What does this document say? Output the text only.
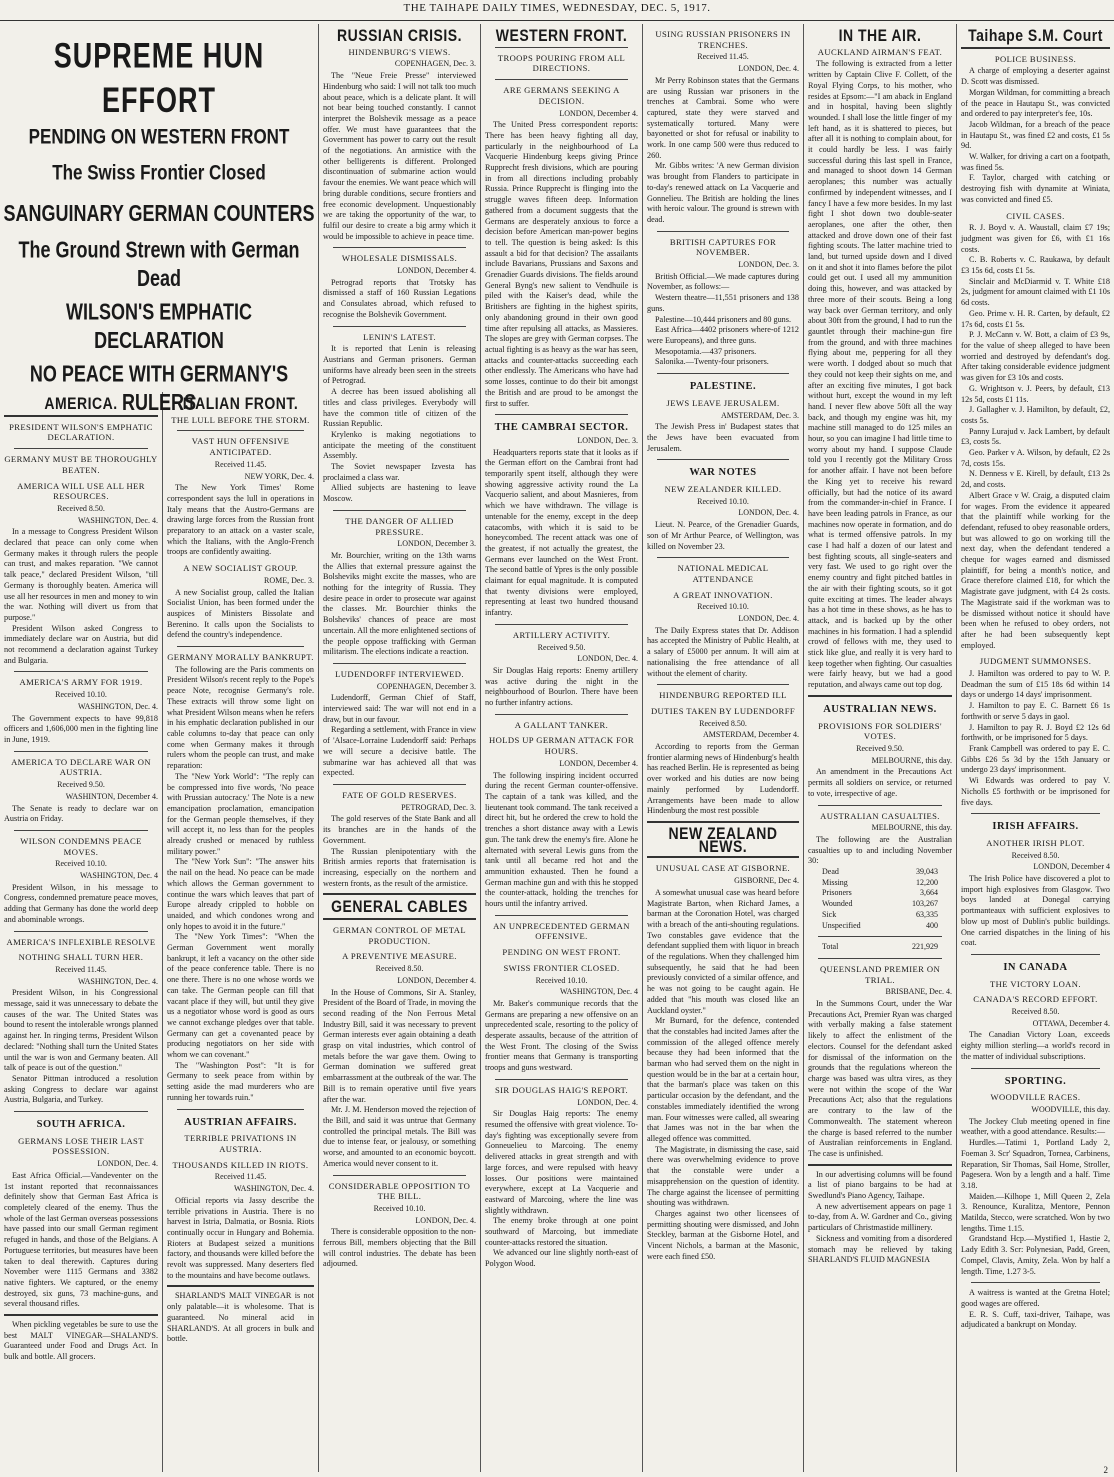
THE TAIHAPE DAILY TIMES, WEDNESDAY, DEC. 5, 1917.
SUPREME HUN EFFORT
PENDING ON WESTERN FRONT
The Swiss Frontier Closed
SANGUINARY GERMAN COUNTERS
The Ground Strewn with German Dead
WILSON'S EMPHATIC DECLARATION
NO PEACE WITH GERMANY'S RULERS
AMERICA.
PRESIDENT WILSON'S EMPHATIC DECLARATION.
GERMANY MUST BE THOROUGHLY BEATEN.
AMERICA WILL USE ALL HER RESOURCES.
Received 8.50.
WASHINGTON, Dec. 4.

In a message to Congress President Wilson declared that peace can only come when Germany makes it through rulers the people can trust, and makes reparation. "We cannot talk peace," declared President Wilson, "till Germany is thoroughly beaten. America will use all her resources in men and money to win the war. Nothing will divert us from that purpose."

President Wilson asked Congress to immediately declare war on Austria, but did not recommend a declaration against Turkey and Bulgaria.

AMERICA'S ARMY FOR 1919.
Received 10.10.
WASHINGTON, Dec. 4.

The Government expects to have 99,818 officers and 1,606,000 men in the fighting line in June, 1919.

AMERICA TO DECLARE WAR ON AUSTRIA.
Received 9.50.
WASHINTON, December 4.

The Senate is ready to declare war on Austria on Friday.

WILSON CONDEMNS PEACE MOVES.
Received 10.10.
WASHINGTON, Dec. 4

President Wilson, in his message to Congress, condemned premature peace moves, adding that Germany has done the world deep and abominable wrongs.

AMERICA'S INFLEXIBLE RESOLVE
NOTHING SHALL TURN HER.
Received 11.45.
WASHINGTON, Dec. 4.

President Wilson, in his Congressional message, said it was unnecessary to debate the causes of the war. The United States was bound to resent the intolerable wrongs planned against her. In ringing terms, President Wilson declared: "Nothing shall turn the United States until the war is won and Germany beaten. All talk of peace is out of the question."

Senator Pittman introduced a resolution asking Congress to declare war against Austria, Bulgaria, and Turkey.

SOUTH AFRICA.
GERMANS LOSE THEIR LAST POSSESSION.
LONDON, Dec. 4.

East Africa Official.—Vandeventer on the 1st instant reported that reconnaissances definitely show that German East Africa is completely cleared of the enemy. Thus the whole of the last German overseas possessions have passed into our small German regiment refuged in hands, and those of the Belgians. A Portuguese territories, but measures have been taken to deal therewith. Captures during November were 1115 Germans and 3382 native fighters. We captured, or the enemy destroyed, six guns, 73 machine-guns, and several thousand rifles.

When pickling vegetables be sure to use the best MALT VINEGAR—SHALAND'S. Guaranteed under Food and Drugs Act. In bulk and bottle. All grocers.

ITALIAN FRONT.
THE LULL BEFORE THE STORM.
VAST HUN OFFENSIVE ANTICIPATED.
Received 11.45.
NEW YORK, Dec. 4.

The New York Times' Rome correspondent says the lull in operations in Italy means that the Austro-Germans are drawing large forces from the Russian front preparatory to an attack on a vaster scale, which the Italians, with the Anglo-French troops are confidently awaiting.

A NEW SOCIALIST GROUP.
ROME, Dec. 3.

A new Socialist group, called the Italian Socialist Union, has been formed under the auspices of Ministers Bissolate and Berenino. It calls upon the Socialists to defend the country's independence.

GERMANY MORALLY BANKRUPT.

The following are the Paris comments on President Wilson's recent reply to the Pope's peace Note, recognise Germany's role. These extracts will throw some light on what President Wilson means when he refers in his emphatic declaration published in our cable columns to-day that peace can only come when Germany makes it through rulers whom the people can trust, and make reparation:

The "New York World": "The reply can be compressed into five words, 'No peace with Prussian autocracy.' The Note is a new emancipation proclamation, emancipation for the German people themselves, if they will accept it, no less than for the peoples already crushed or menaced by ruthless military power."

The "New York Sun": "The answer hits the nail on the head. No peace can be made which allows the German government to continue the wars which leaves that part of Europe already crippled to hobble on unaided, and which condones wrong and only hopes to avoid it in the future."

The "New York Times": "When the German Government went morally bankrupt, it left a vacancy on the other side of the peace conference table. There is no one there. There is no one whose words we can take. The German people can fill that vacant place if they will, but until they give us a negotiator whose word is good as ours we cannot exchange pledges over that table. Germany can get a covenanted peace by producing negotiators on her side with whom we can covenant."

The "Washington Post": "It is for Germany to seek peace from within by setting aside the mad murderers who are running her towards ruin."

AUSTRIAN AFFAIRS.
TERRIBLE PRIVATIONS IN AUSTRIA.
THOUSANDS KILLED IN RIOTS.
Received 11.45.
WASHINGTON, Dec. 4.

Official reports via Jassy describe the terrible privations in Austria. There is no harvest in Istria, Dalmatia, or Bosnia. Riots continually occur in Hungary and Bohemia. Rioters at Budapest seized a munitions factory, and thousands were killed before the revolt was suppressed. Many deserters fled to the mountains and have become outlaws.

SHARLAND'S MALT VINEGAR is not only palatable—it is wholesome. That is guaranteed. No mineral acid in SHARLAND'S. At all grocers in bulk and bottle.

RUSSIAN CRISIS.
HINDENBURG'S VIEWS.
COPENHAGEN, Dec. 3.

The "Neue Freie Presse" interviewed Hindenburg who said: I will not talk too much about peace, which is a delicate plant. It will not bear being touched constantly. I cannot interpret the Bolshevik message as a peace offer. We must have guarantees that the Government has power to carry out the result of the negotiations. An armistice with the other belligerents is different. Prolonged discontinuation of submarine action would favour the enemies. We want peace which will bring durable conditions, secure frontiers and free economic development. Unquestionably we are taking the opportunity of the war, to fulfil our desire to create a big army which it would be impossible to achieve in peace time.

WHOLESALE DISMISSALS.
LONDON, December 4.

Petrograd reports that Trotsky has dismissed a staff of 160 Russian Legations and Consulates abroad, which refused to recognise the Bolshevik Government.

LENIN'S LATEST.

It is reported that Lenin is releasing Austrians and German prisoners. German uniforms have already been seen in the streets of Petrograd.

A decree has been issued abolishing all titles and class privileges. Everybody will have the common title of citizen of the Russian Republic.

Krylenko is making negotiations to anticipate the meeting of the constituent Assembly.

The Soviet newspaper Izvesta has proclaimed a class war.

Allied subjects are hastening to leave Moscow.

THE DANGER OF ALLIED PRESSURE.
LONDON, December 3.

Mr. Bourchier, writing on the 13th warns the Allies that external pressure against the Bolsheviks might excite the masses, who are nothing for the integrity of Russia. They desire peace in order to prosecute war against the classes. Mr. Bourchier thinks the Bolsheviks' chances of peace are most uncertain. All the more enlightened sections of the people oppose trafficking with German militarism. The elections indicate a reaction.

LUDENDORFF INTERVIEWED.
COPENHAGEN, December 3.

Ludendorff, German Chief of Staff, interviewed said: The war will not end in a draw, but in our favour.

Regarding a settlement, with France in view of 'Alsace-Lorraine Ludendorff said: Perhaps we will secure a decisive battle. The submarine war has achieved all that was expected.

FATE OF GOLD RESERVES.
PETROGRAD, Dec. 3.

The gold reserves of the State Bank and all its branches are in the hands of the Government.

The Russian plenipotentiary with the British armies reports that fraternisation is increasing, especially on the northern and western fronts, as the result of the armistice.

GENERAL CABLES
GERMAN CONTROL OF METAL PRODUCTION.
A PREVENTIVE MEASURE.
Received 8.50.
LONDON, December 4.

In the House of Commons, Sir A. Stanley, President of the Board of Trade, in moving the second reading of the Non Ferrous Metal Industry Bill, said it was necessary to prevent German interests ever again obtaining a death grasp on vital industries, which control of metals before the war gave them. Owing to German domination we suffered great embarrassment at the outbreak of the war. The Bill is to remain operative until five years after the war.

Mr. J. M. Henderson moved the rejection of the Bill, and said it was untrue that Germany controlled the principal metals. The Bill was due to intense fear, or jealousy, or something worse, and amounted to an economic boycott. America would never consent to it.

CONSIDERABLE OPPOSITION TO THE BILL.
Received 10.10.
LONDON, Dec. 4.

There is considerable opposition to the non-ferrous Bill, members objecting that the Bill will control industries. The debate has been adjourned.

WESTERN FRONT.
TROOPS POURING FROM ALL DIRECTIONS.
ARE GERMANS SEEKING A DECISION.
LONDON, December 4.

The United Press correspondent reports: There has been heavy fighting all day, particularly in the neighbourhood of La Vacquerie Hindenburg keeps giving Prince Rupprecht fresh divisions, which are pouring in from all directions including probably Russia. Prince Rupprecht is flinging into the struggle waves fifteen deep. Information gathered from a document suggests that the Germans are desperately anxious to force a decision before American man-power begins to tell. The question is being asked: Is this assault a bid for that decision? The assailants include Bavarians, Prussians and Saxons and Grenadier Guards divisions. The fields around General Byng's new salient to Vendhuile is piled with the Kaiser's dead, while the Britishers are fighting in the highest spirits, only abandoning ground in their own good time after repulsing all attacks, as Massieres. The slopes are grey with German corpses. The actual fighting is as heavy as the war has seen, attacks and counter-attacks succeeding each other endlessly. The Americans who have had some losses, continue to do their bit amongst the British and are proud to be amongst the first to suffer.

THE CAMBRAI SECTOR.
LONDON, Dec. 3.

Headquarters reports state that it looks as if the German effort on the Cambrai front had temporarily spent itself, although they were showing aggressive activity round the La Vacquerio salient, and about Masnieres, from which we have withdrawn. The village is untenable for the enemy, except in the deep catacombs, with which it is said to be honeycombed. The recent attack was one of the greatest, if not actually the greatest, the Germans ever launched on the West Front. The second battle of Ypres is the only possible claimant for equal magnitude. It is computed that twenty divisions were employed, representing at least two hundred thousand infantry.

ARTILLERY ACTIVITY.
Received 9.50.
LONDON, Dec. 4.

Sir Douglas Haig reports: Enemy artillery was active during the night in the neighbourhood of Bourlon. There have been no further infantry actions.

A GALLANT TANKER.
HOLDS UP GERMAN ATTACK FOR HOURS.
LONDON, December 4.

The following inspiring incident occurred during the recent German counter-offensive. The captain of a tank was killed, and the lieutenant took command. The tank received a direct hit, but he ordered the crew to hold the trenches a short distance away with a Lewis gun. The tank drew the enemy's fire. Alone he alternated with several Lewis guns from the tank until all became red hot and the ammunition exhausted. Then he found a German machine gun and with this he stopped the counter-attack, holding the trenches for hours until the infantry arrived.

AN UNPRECEDENTED GERMAN OFFENSIVE.
PENDING ON WEST FRONT.
SWISS FRONTIER CLOSED.
Received 10.10.
WASHINGTON, Dec. 4

Mr. Baker's communique records that the Germans are preparing a new offensive on an unprecedented scale, resorting to the policy of desperate assaults, because of the attrition of the West Front. The closing of the Swiss frontier means that Germany is transporting troops and guns westward.

SIR DOUGLAS HAIG'S REPORT.
LONDON, Dec. 4.

Sir Douglas Haig reports: The enemy resumed the offensive with great violence. To-day's fighting was exceptionally severe from Gonneuelieu to Marcoing. The enemy delivered attacks in great strength and with large forces, and were repulsed with heavy losses. Our positions were maintained everywhere, except at La Vacquerie and eastward of Marcoing, where the line was slightly withdrawn.

The enemy broke through at one point southward of Marcoing, but immediate counter-attacks restored the situation.

We advanced our line slightly north-east of Polygon Wood.

USING RUSSIAN PRISONERS IN TRENCHES.
Received 11.45.
LONDON, Dec. 4.

Mr Perry Robinson states that the Germans are using Russian war prisoners in the trenches at Cambrai. Some who were captured, state they were starved and systematically tortured. Many were bayonetted or shot for refusal or inability to work. In one camp 500 were thus reduced to 260.

Mr. Gibbs writes: 'A new German division was brought from Flanders to participate in to-day's renewed attack on La Vacquerie and Gonnelieu. The British are holding the lines with heroic valour. The ground is strewn with dead.

BRITISH CAPTURES FOR NOVEMBER.
LONDON, Dec. 3.

British Official.—We made captures during November, as follows:—

Western theatre—11,551 prisoners and 138 guns.

Palestine—10,444 prisoners and 80 guns.

East Africa—4402 prisoners where-of 1212 were Europeans), and three guns.

Mesopotamia.—437 prisoners.

Salonika.—Twenty-four prisoners.

PALESTINE.
JEWS LEAVE JERUSALEM.
AMSTERDAM, Dec. 3.

The Jewish Press in' Budapest states that the Jews have been evacuated from Jerusalem.

WAR NOTES
NEW ZEALANDER KILLED.
Received 10.10.
LONDON, Dec. 4.

Lieut. N. Pearce, of the Grenadier Guards, son of Mr Arthur Pearce, of Wellington, was killed on November 23.

NATIONAL MEDICAL ATTENDANCE
A GREAT INNOVATION.
Received 10.10.
LONDON, Dec. 4.

The Daily Express states that Dr. Addison has accepted the Ministry of Public Health, at a salary of £5000 per annum. It will aim at nationalising the free attendance of all without the element of charity.

HINDENBURG REPORTED ILL
DUTIES TAKEN BY LUDENDORFF
Received 8.50.
AMSTERDAM, December 4.

According to reports from the German frontier alarming news of Hindenburg's health has reached Berlin. He is represented as being over worked and his duties are now being mainly performed by Ludendorff. Arrangements have been made to allow Hindenburg the most rest possible

NEW ZEALAND NEWS.
UNUSUAL CASE AT GISBORNE.
GISBORNE, Dec 4.

A somewhat unusual case was heard before Magistrate Barton, when Richard James, a barman at the Coronation Hotel, was charged with a breach of the anti-shouting regulations. Two constables gave evidence that the defendant supplied them with liquor in breach of the regulations. When they challenged him subsequently, he said that he had been previously convicted of a similar offence, and he was not going to be caught again. He added that "his mouth was closed like an Auckland oyster."

Mr Burnard, for the defence, contended that the constables had incited James after the commission of the alleged offence merely because they had been informed that the barman who had served them on the night in question would be in the bar at a certain hour, that the barman's place was taken on this particular occasion by the defendant, and the constables immediately identified the wrong man. Four witnesses were called, all swearing that James was not in the bar when the alleged offence was committed.

The Magistrate, in dismissing the case, said there was overwhelming evidence to prove that the constable were under a misapprehension on the question of identity. The charge against the licensee of permitting shouting was withdrawn.

Charges against two other licensees of permitting shouting were dismissed, and John Steckley, barman at the Gisborne Hotel, and Vincent Nichols, a barman at the Masonic, were each fined £50.

IN THE AIR.
AUCKLAND AIRMAN'S FEAT.

The following is extracted from a letter written by Captain Clive F. Collett, of the Royal Flying Corps, to his mother, who resides at Epsom:—"I am aback in England and in hospital, having been slightly wounded. I shall lose the little finger of my left hand, as it is shattered to pieces, but after all it is nothing to complain about, for it could hardly be less. I was fairly successful during this last spell in France, and managed to shoot down 14 German aeroplanes; this number was actually confirmed by independent witnesses, and I fancy I have a few more besides. In my last fight I shot down two double-seater aeroplanes, one after the other, then attacked and drove down one of their fast fighting scouts. The latter machine tried to land, but turned upside down and I dived on it and shot it into flames before the pilot could get out. I used all my ammunition doing this, however, and was attacked by three more of their scouts. Being a long way back over German territory, and only about 30ft from the ground, I had to run the gauntlet through their machine-gun fire from the ground, and with three machines flying about me, peppering for all they were worth. I dodged about so much that they could not keep their sights on me, and after an exciting five minutes, I got back without hurt, except the wound in my left hand. I never flew above 50ft all the way back, and though my engine was hit, my machine still managed to do 125 miles an hour, so you can imagine I had little time to worry about my hand. I suppose Claude told you I recently got the Military Cross for another affair. I have not been before the King yet to receive his reward officially, but had the notice of its award from the commander-in-chief in France. I have been leading patrols in France, as our machines now operate in formation, and do what is termed offensive patrols. In my case I had half a dozen of our latest and best fighting scouts, all single-seaters and very fast. We used to go right over the enemy country and fight pitched battles in the air with their fighting scouts, so it got quite exciting at times. The leader always has a hot time in these shows, as he has to attack, and is backed up by the other machines in his formation. I had a splendid crowd of fellows with me, they used to stick like glue, and really it is very hard to keep together when fighting. Our casualties were fairly heavy, but we had a good reputation, and always came out top dog.

AUSTRALIAN NEWS.
PROVISIONS FOR SOLDIERS' VOTES.
Received 9.50.
MELBOURNE, this day.

An amendment in the Precautions Act permits all soldiers on service, or returned to vote, irrespective of age.

AUSTRALIAN CASUALTIES.
MELBOURNE, this day.

The following are the Australian casualties up to and including November 30:

Dead	39,043
Missing	12,200
Prisoners	3,664
Wounded	103,267
Sick	63,335
Unspecified	400
Total	221,929
QUEENSLAND PREMIER ON TRIAL.
BRISBANE, Dec. 4.

In the Summons Court, under the War Precautions Act, Premier Ryan was charged with verbally making a false statement likely to affect the enlistment of the electors. Counsel for the defendant asked for dismissal of the information on the grounds that the regulations whereon the charge was based was ultra vires, as they were not within the scope of the War Precautions Act; also that the regulations are contrary to the law of the Commonwealth. The statement whereon the charge is based referred to the number of Australian reinforcements in England. The case is unfinished.

In our advertising columns will be found a list of piano bargains to be had at Swedlund's Piano Agency, Taihape.

A new advertisement appears on page 1 to-day, from A. W. Gardner and Co., giving particulars of Christmastide millinery.

Sickness and vomiting from a disordered stomach may be relieved by taking SHARLAND'S FLUID MAGNESIA

Taihape S.M. Court
POLICE BUSINESS.

A charge of employing a deserter against D. Scott was dismissed.

Morgan Wildman, for committing a breach of the peace in Hautapu St., was convicted and ordered to pay interpreter's fee, 10s.

Jacob Wildman, for a breach of the peace in Hautapu St., was fined £2 and costs, £1 5s 9d.

W. Walker, for driving a cart on a footpath, was fined 5s.

F. Taylor, charged with catching or destroying fish with dynamite at Winiata, was convicted and fined £5.

CIVIL CASES.

R. J. Boyd v. A. Waustall, claim £7 19s; judgment was given for £6, with £1 16s costs.

C. B. Roberts v. C. Raukawa, by default £3 15s 6d, costs £1 5s.

Sinclair and McDiarmid v. T. White £18 2s, judgment for amount claimed with £1 10s 6d costs.

Geo. Prime v. H. R. Carten, by default, £2 17s 6d, costs £1 5s.

P. J. McCann v. W. Bott, a claim of £3 9s, for the value of sheep alleged to have been worried and destroyed by defendant's dog. After taking considerable evidence judgment was given for £3 10s and costs.

G. Wrightson v. J. Peers, by default, £13 12s 5d, costs £1 11s.

J. Gallagher v. J. Hamilton, by default, £2, costs 5s.

Panny Lurajud v. Jack Lambert, by default £3, costs 5s.

Geo. Parker v A. Wilson, by default, £2 2s 7d, costs 15s.

N. Denness v E. Kirell, by default, £13 2s 2d, and costs.

Albert Grace v W. Craig, a disputed claim for wages. From the evidence it appeared that the plaintiff while working for the defendant, refused to obey reasonable orders, but was allowed to go on working till the next day, when the defendant tendered a cheque for wages earned and dismissed plaintiff, for being a month's notice, and Grace therefore claimed £18, for which the Magistrate gave judgment, with £4 2s costs. The Magistrate said if the workman was to be dismissed without notice it should have been when he refused to obey orders, not after he had been subsequently kept employed.

JUDGMENT SUMMONSES.

J. Hamilton was ordered to pay to W. P. Deadman the sum of £15 18s 6d within 14 days or undergo 14 days' imprisonment.

J. Hamilton to pay E. C. Barnett £6 1s forthwith or serve 5 days in gaol.

J. Hamilton to pay R. J. Boyd £2 12s 6d forthwith, or be imprisoned for 5 days.

Frank Campbell was ordered to pay E. C. Gibbs £26 5s 3d by the 15th January or undergo 23 days' imprisonment.

Wi Edwards was ordered to pay V. Nicholls £5 forthwith or be imprisoned for five days.

IRISH AFFAIRS.
ANOTHER IRISH PLOT.
Received 8.50.
LONDON, December 4

The Irish Police have discovered a plot to import high explosives from Glasgow. Two boys landed at Donegal carrying portmanteaux with sufficient explosives to blow up most of Dublin's public buildings. One carried dispatches in the lining of his coat.

IN CANADA
THE VICTORY LOAN.
CANADA'S RECORD EFFORT.
Received 8.50.
OTTAWA, December 4.

The Canadian Victory Loan, exceeds eighty million sterling—a world's record in the matter of individual subscriptions.

SPORTING.
WOODVILLE RACES.
WOODVILLE, this day.

The Jockey Club meeting opened in fine weather, with a good attendance. Results:—

Hurdles.—Tatimi 1, Portland Lady 2, Foeman 3. Scr' Squadron, Tornea, Carbinens, Reparation, Sir Thomas, Sail Home, Stroller, Pagesera. Won by a length and a half. Time 3.18.

Maiden.—Kilhope 1, Mill Queen 2, Zela 3. Renounce, Kuralitza, Mentore, Pennon Matilda, Stecco, were scratched. Won by two lengths. Time 1.15.

Grandstand Hcp.—Mystified 1, Hastie 2, Lady Edith 3. Scr: Polynesian, Padd, Green, Compel, Clavis, Amity, Zela. Won by half a length. Time, 1.27 3-5.

A waitress is wanted at the Gretna Hotel; good wages are offered.

E. R. S. Cuff, taxi-driver, Taihape, was adjudicated a bankrupt on Monday.

2
